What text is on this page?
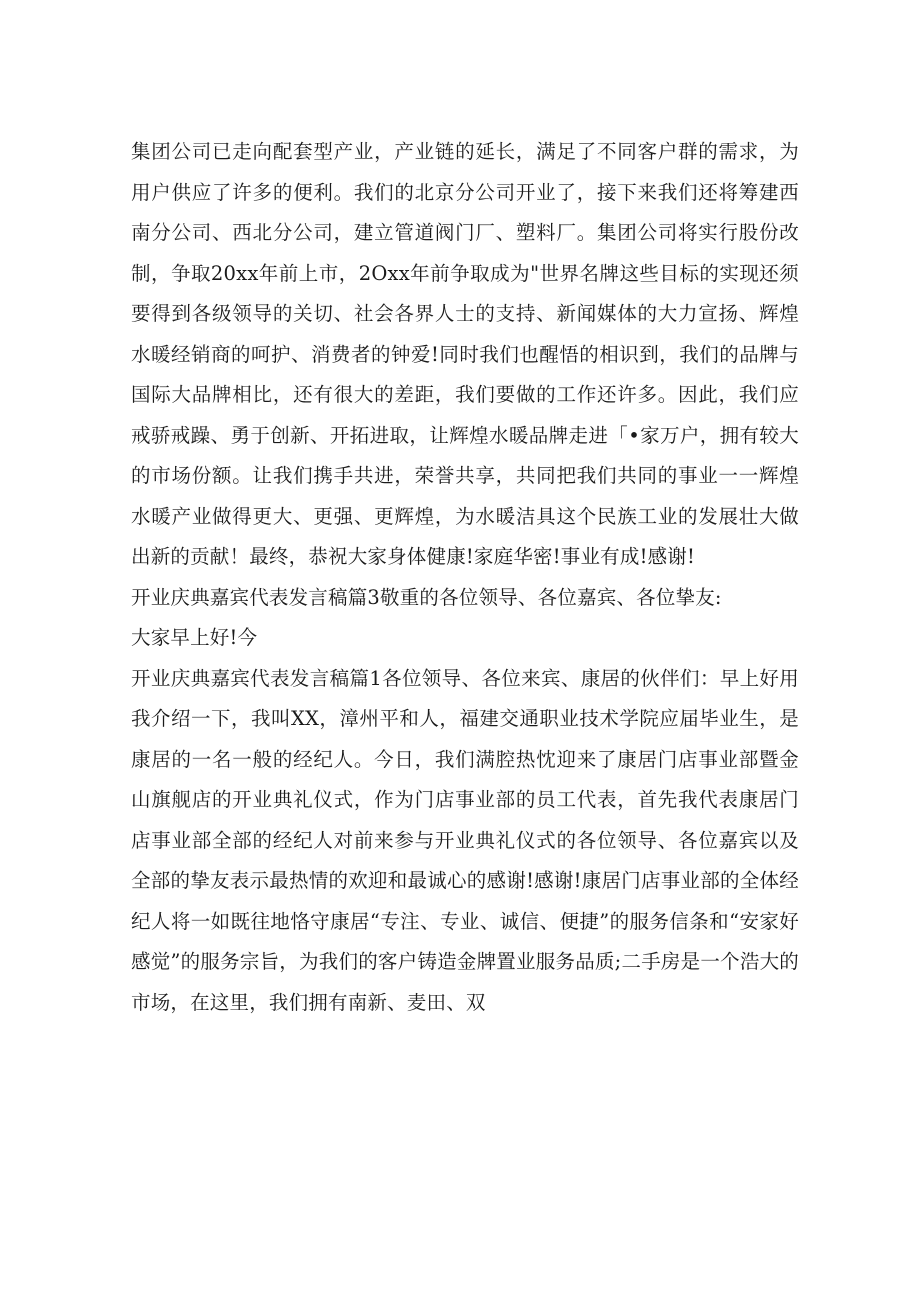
集团公司已走向配套型产业，产业链的延长，满足了不同客户群的需求，为用户供应了许多的便利。我们的北京分公司开业了，接下来我们还将筹建西南分公司、西北分公司，建立管道阀门厂、塑料厂。集团公司将实行股份改制，争取20xx年前上市，2Oxx年前争取成为"世界名牌这些目标的实现还须要得到各级领导的关切、社会各界人士的支持、新闻媒体的大力宣扬、辉煌水暖经销商的呵护、消费者的钟爱!同时我们也醒悟的相识到，我们的品牌与国际大品牌相比，还有很大的差距，我们要做的工作还许多。因此，我们应戒骄戒躁、勇于创新、开拓进取，让辉煌水暖品牌走进「•家万户，拥有较大的市场份额。让我们携手共进，荣誉共享，共同把我们共同的事业一一辉煌水暖产业做得更大、更强、更辉煌，为水暖洁具这个民族工业的发展壮大做出新的贡献！最终，恭祝大家身体健康!家庭华密!事业有成!感谢!

开业庆典嘉宾代表发言稿篇3敬重的各位领导、各位嘉宾、各位挚友:

大家早上好!今

开业庆典嘉宾代表发言稿篇1各位领导、各位来宾、康居的伙伴们：早上好用我介绍一下，我叫XX，漳州平和人，福建交通职业技术学院应届毕业生，是康居的一名一般的经纪人。今日，我们满腔热忱迎来了康居门店事业部暨金山旗舰店的开业典礼仪式，作为门店事业部的员工代表，首先我代表康居门店事业部全部的经纪人对前来参与开业典礼仪式的各位领导、各位嘉宾以及全部的挚友表示最热情的欢迎和最诚心的感谢!感谢!康居门店事业部的全体经纪人将一如既往地恪守康居“专注、专业、诚信、便捷”的服务信条和“安家好感觉”的服务宗旨，为我们的客户铸造金牌置业服务品质;二手房是一个浩大的市场，在这里，我们拥有南新、麦田、双
